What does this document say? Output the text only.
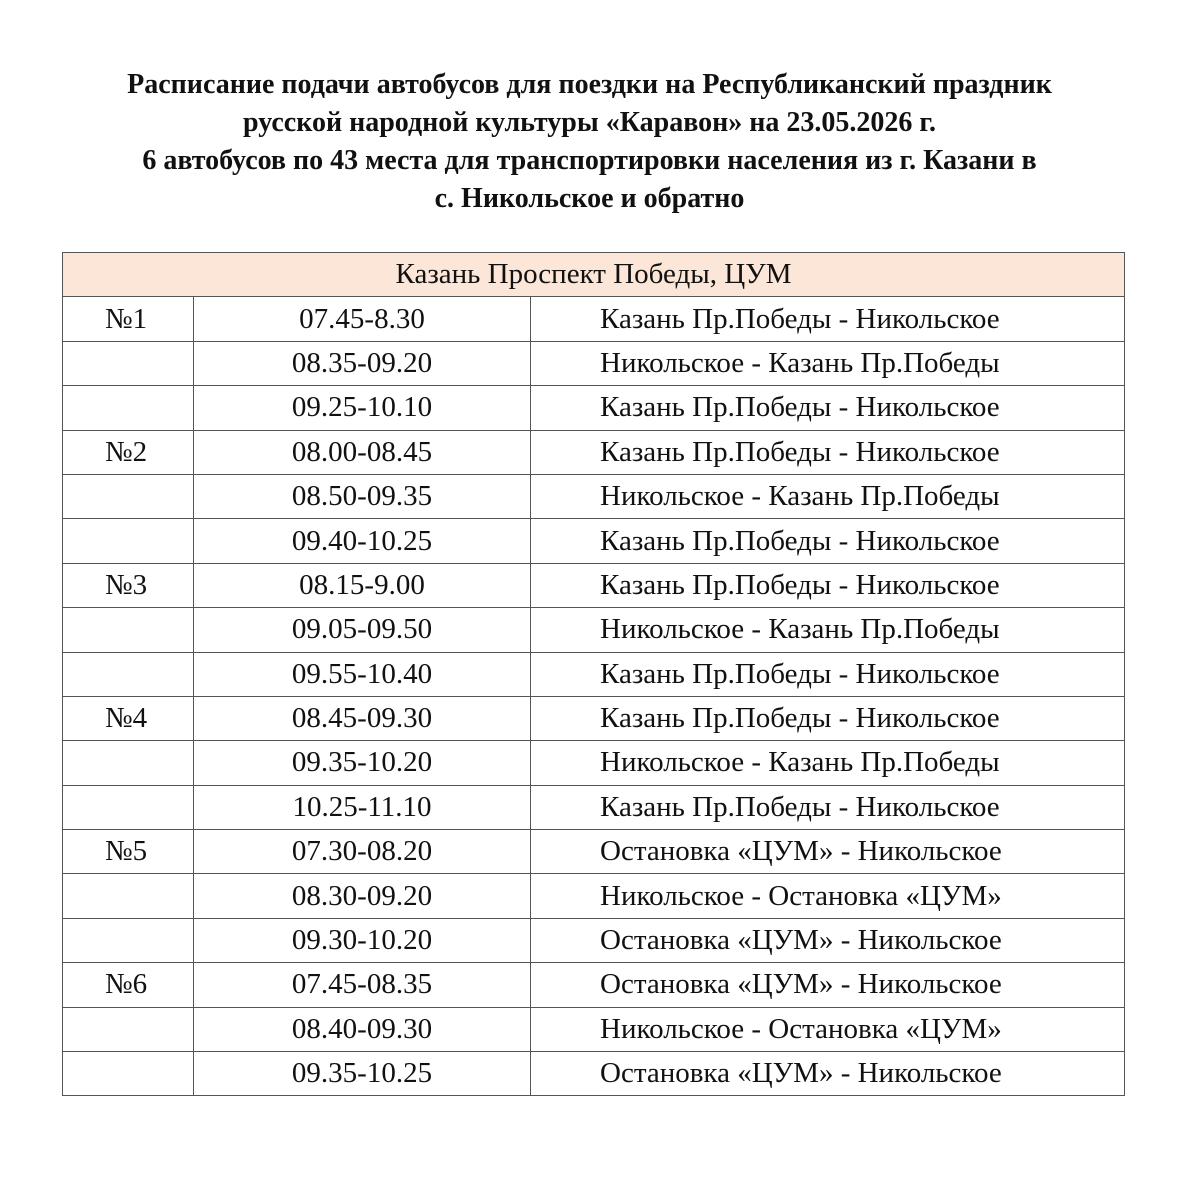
Расписание подачи автобусов для поездки на Республиканский праздник
русской народной культуры «Каравон» на 23.05.2026 г.
6 автобусов по 43 места для транспортировки населения из г. Казани в
с. Никольское и обратно
Казань Проспект Победы, ЦУМ		
№1	07.45-8.30	Казань Пр.Победы - Никольское
	08.35-09.20	Никольское - Казань Пр.Победы
	09.25-10.10	Казань Пр.Победы - Никольское
№2	08.00-08.45	Казань Пр.Победы - Никольское
	08.50-09.35	Никольское - Казань Пр.Победы
	09.40-10.25	Казань Пр.Победы - Никольское
№3	08.15-9.00	Казань Пр.Победы - Никольское
	09.05-09.50	Никольское - Казань Пр.Победы
	09.55-10.40	Казань Пр.Победы - Никольское
№4	08.45-09.30	Казань Пр.Победы - Никольское
	09.35-10.20	Никольское - Казань Пр.Победы
	10.25-11.10	Казань Пр.Победы - Никольское
№5	07.30-08.20	Остановка «ЦУМ» - Никольское
	08.30-09.20	Никольское - Остановка «ЦУМ»
	09.30-10.20	Остановка «ЦУМ» - Никольское
№6	07.45-08.35	Остановка «ЦУМ» - Никольское
	08.40-09.30	Никольское - Остановка «ЦУМ»
	09.35-10.25	Остановка «ЦУМ» - Никольское
